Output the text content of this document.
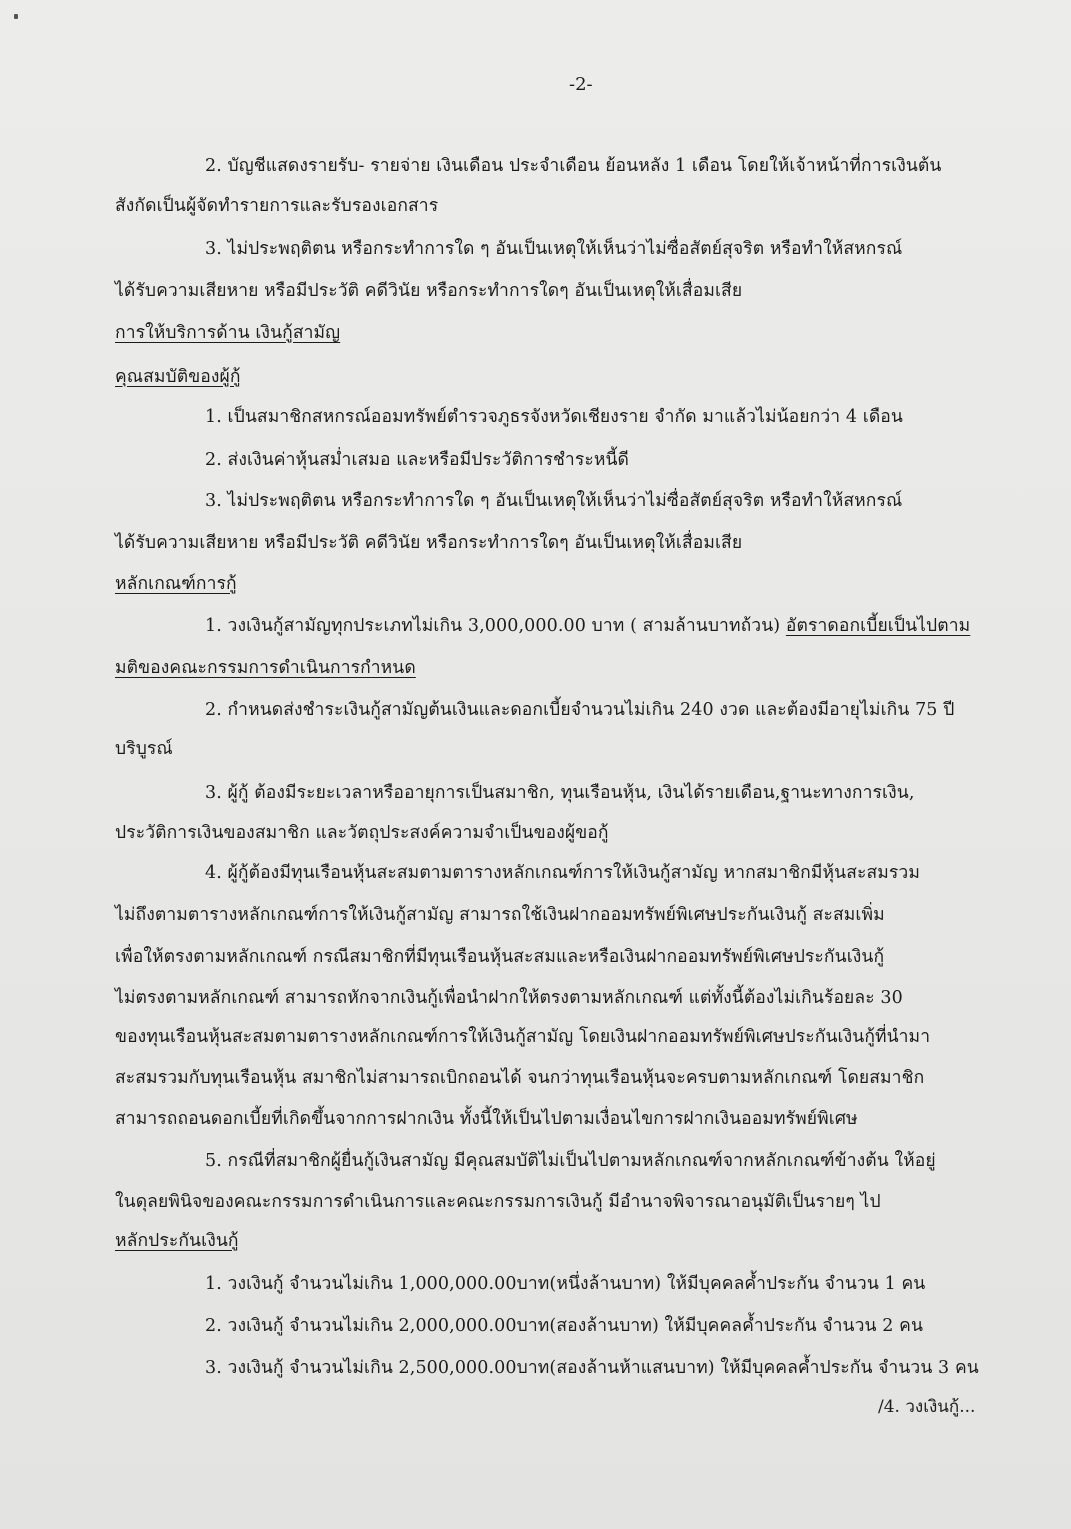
-2-
2. บัญชีแสดงรายรับ- รายจ่าย เงินเดือน ประจำเดือน ย้อนหลัง 1 เดือน โดยให้เจ้าหน้าที่การเงินต้น
สังกัดเป็นผู้จัดทำรายการและรับรองเอกสาร
3. ไม่ประพฤติตน หรือกระทำการใด ๆ อันเป็นเหตุให้เห็นว่าไม่ซื่อสัตย์สุจริต หรือทำให้สหกรณ์
ได้รับความเสียหาย หรือมีประวัติ คดีวินัย หรือกระทำการใดๆ อันเป็นเหตุให้เสื่อมเสีย
การให้บริการด้าน เงินกู้สามัญ
คุณสมบัติของผู้กู้
1. เป็นสมาชิกสหกรณ์ออมทรัพย์ตำรวจภูธรจังหวัดเชียงราย จำกัด มาแล้วไม่น้อยกว่า 4 เดือน
2. ส่งเงินค่าหุ้นสม่ำเสมอ และหรือมีประวัติการชำระหนี้ดี
3. ไม่ประพฤติตน หรือกระทำการใด ๆ อันเป็นเหตุให้เห็นว่าไม่ซื่อสัตย์สุจริต หรือทำให้สหกรณ์
ได้รับความเสียหาย หรือมีประวัติ คดีวินัย หรือกระทำการใดๆ อันเป็นเหตุให้เสื่อมเสีย
หลักเกณฑ์การกู้
1. วงเงินกู้สามัญทุกประเภทไม่เกิน 3,000,000.00 บาท ( สามล้านบาทถ้วน) อัตราดอกเบี้ยเป็นไปตาม
มติของคณะกรรมการดำเนินการกำหนด
2. กำหนดส่งชำระเงินกู้สามัญต้นเงินและดอกเบี้ยจำนวนไม่เกิน 240 งวด และต้องมีอายุไม่เกิน 75 ปี
บริบูรณ์
3. ผู้กู้ ต้องมีระยะเวลาหรืออายุการเป็นสมาชิก, ทุนเรือนหุ้น, เงินได้รายเดือน,ฐานะทางการเงิน,
ประวัติการเงินของสมาชิก และวัตถุประสงค์ความจำเป็นของผู้ขอกู้
4. ผู้กู้ต้องมีทุนเรือนหุ้นสะสมตามตารางหลักเกณฑ์การให้เงินกู้สามัญ หากสมาชิกมีหุ้นสะสมรวม
ไม่ถึงตามตารางหลักเกณฑ์การให้เงินกู้สามัญ สามารถใช้เงินฝากออมทรัพย์พิเศษประกันเงินกู้ สะสมเพิ่ม
เพื่อให้ตรงตามหลักเกณฑ์ กรณีสมาชิกที่มีทุนเรือนหุ้นสะสมและหรือเงินฝากออมทรัพย์พิเศษประกันเงินกู้
ไม่ตรงตามหลักเกณฑ์ สามารถหักจากเงินกู้เพื่อนำฝากให้ตรงตามหลักเกณฑ์ แต่ทั้งนี้ต้องไม่เกินร้อยละ 30
ของทุนเรือนหุ้นสะสมตามตารางหลักเกณฑ์การให้เงินกู้สามัญ โดยเงินฝากออมทรัพย์พิเศษประกันเงินกู้ที่นำมา
สะสมรวมกับทุนเรือนหุ้น สมาชิกไม่สามารถเบิกถอนได้ จนกว่าทุนเรือนหุ้นจะครบตามหลักเกณฑ์ โดยสมาชิก
สามารถถอนดอกเบี้ยที่เกิดขึ้นจากการฝากเงิน ทั้งนี้ให้เป็นไปตามเงื่อนไขการฝากเงินออมทรัพย์พิเศษ
5. กรณีที่สมาชิกผู้ยื่นกู้เงินสามัญ มีคุณสมบัติไม่เป็นไปตามหลักเกณฑ์จากหลักเกณฑ์ข้างต้น ให้อยู่
ในดุลยพินิจของคณะกรรมการดำเนินการและคณะกรรมการเงินกู้ มีอำนาจพิจารณาอนุมัติเป็นรายๆ ไป
หลักประกันเงินกู้
1. วงเงินกู้ จำนวนไม่เกิน 1,000,000.00บาท(หนึ่งล้านบาท) ให้มีบุคคลค้ำประกัน จำนวน 1 คน
2. วงเงินกู้ จำนวนไม่เกิน 2,000,000.00บาท(สองล้านบาท) ให้มีบุคคลค้ำประกัน จำนวน 2 คน
3. วงเงินกู้ จำนวนไม่เกิน 2,500,000.00บาท(สองล้านห้าแสนบาท) ให้มีบุคคลค้ำประกัน จำนวน 3 คน
/4. วงเงินกู้...
